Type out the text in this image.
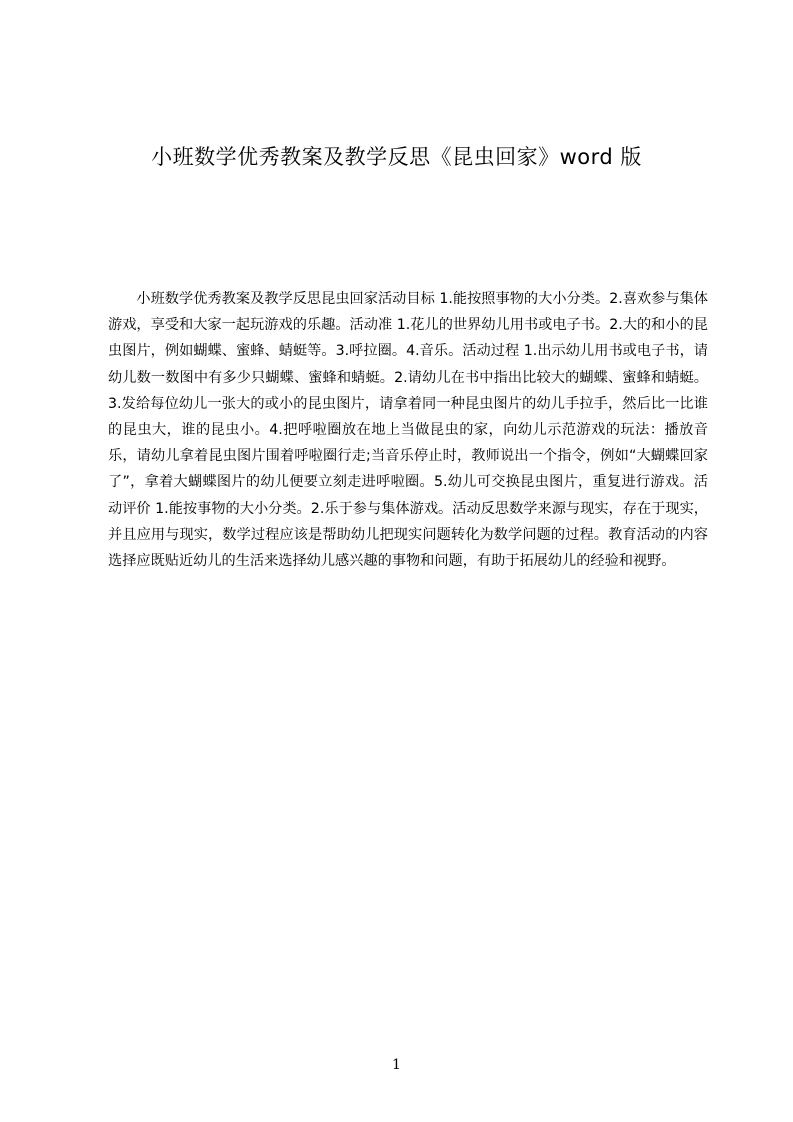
小班数学优秀教案及教学反思《昆虫回家》word 版

小班数学优秀教案及教学反思昆虫回家活动目标 1.能按照事物的大小分类。2.喜欢参与集体游戏，享受和大家一起玩游戏的乐趣。活动准 1.花儿的世界幼儿用书或电子书。2.大的和小的昆虫图片，例如蝴蝶、蜜蜂、蜻蜓等。3.呼拉圈。4.音乐。活动过程 1.出示幼儿用书或电子书，请幼儿数一数图中有多少只蝴蝶、蜜蜂和蜻蜓。2.请幼儿在书中指出比较大的蝴蝶、蜜蜂和蜻蜓。 3.发给每位幼儿一张大的或小的昆虫图片，请拿着同一种昆虫图片的幼儿手拉手，然后比一比谁的昆虫大，谁的昆虫小。4.把呼啦圈放在地上当做昆虫的家，向幼儿示范游戏的玩法：播放音乐，请幼儿拿着昆虫图片围着呼啦圈行走;当音乐停止时，教师说出一个指令，例如“大蝴蝶回家了”，拿着大蝴蝶图片的幼儿便要立刻走进呼啦圈。5.幼儿可交换昆虫图片，重复进行游戏。活动评价 1.能按事物的大小分类。2.乐于参与集体游戏。活动反思数学来源与现实，存在于现实，并且应用与现实，数学过程应该是帮助幼儿把现实问题转化为数学问题的过程。教育活动的内容选择应既贴近幼儿的生活来选择幼儿感兴趣的事物和问题，有助于拓展幼儿的经验和视野。

1
